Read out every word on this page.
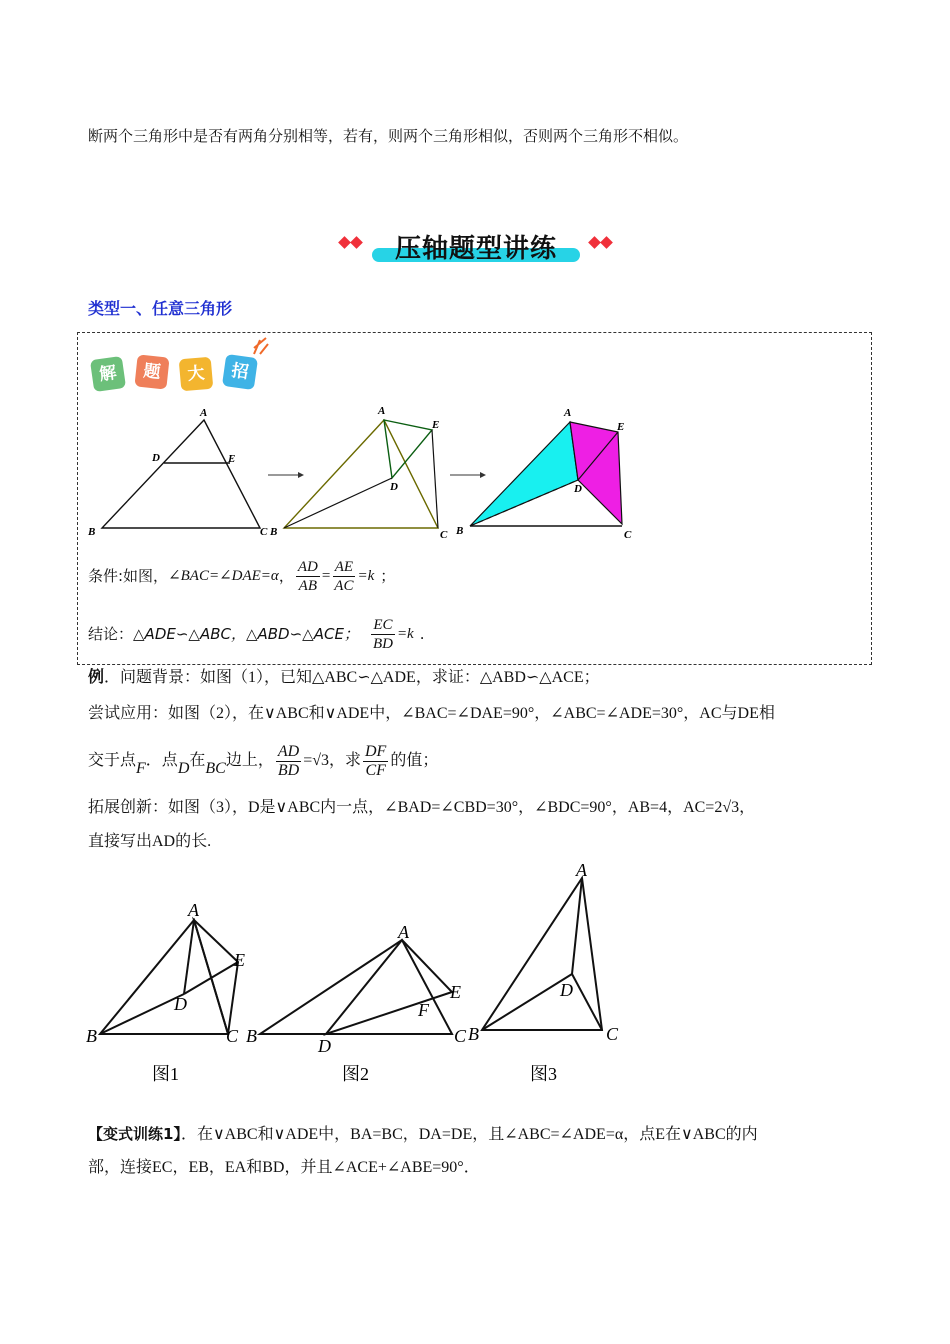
断两个三角形中是否有两角分别相等，若有，则两个三角形相似，否则两个三角形不相似。
压轴题型讲练
类型一、任意三角形
解	题	大	招
A
B	C
D	E
A
B	C
D
E
A
B	C
D
E
条件:如图， ∠BAC=∠DAE=α ， $\frac{AD}{AB} = \frac{AE}{AC} =k$ ；
结论： △ADE∽△ABC，△ABD∽△ACE； $\frac{EC}{BD} =k$ .
例．问题背景：如图（1），已知△ABC∽△ADE，求证：△ABD∽△ACE；
尝试应用：如图（2），在∨ABC和∨ADE中，∠BAC=∠DAE=90°，∠ABC=∠ADE=30°，AC与DE相
交于点 F ．点 D 在 BC 边上， $\frac{AD}{BD} =√3$，求 $\frac{DF}{CF}$ 的值；
拓展创新：如图（3），D是∨ABC内一点，∠BAD=∠CBD=30°，∠BDC=90°，AB=4，AC=2√3，
直接写出AD的长.
A
B	C
D
E
图1
A
B	C
D
E
F
图2
A
B	C
D
图3
【变式训练1】．在∨ABC和∨ADE中，BA=BC，DA=DE，且∠ABC=∠ADE=α，点E在∨ABC的内
部，连接EC，EB，EA和BD，并且∠ACE+∠ABE=90°．
